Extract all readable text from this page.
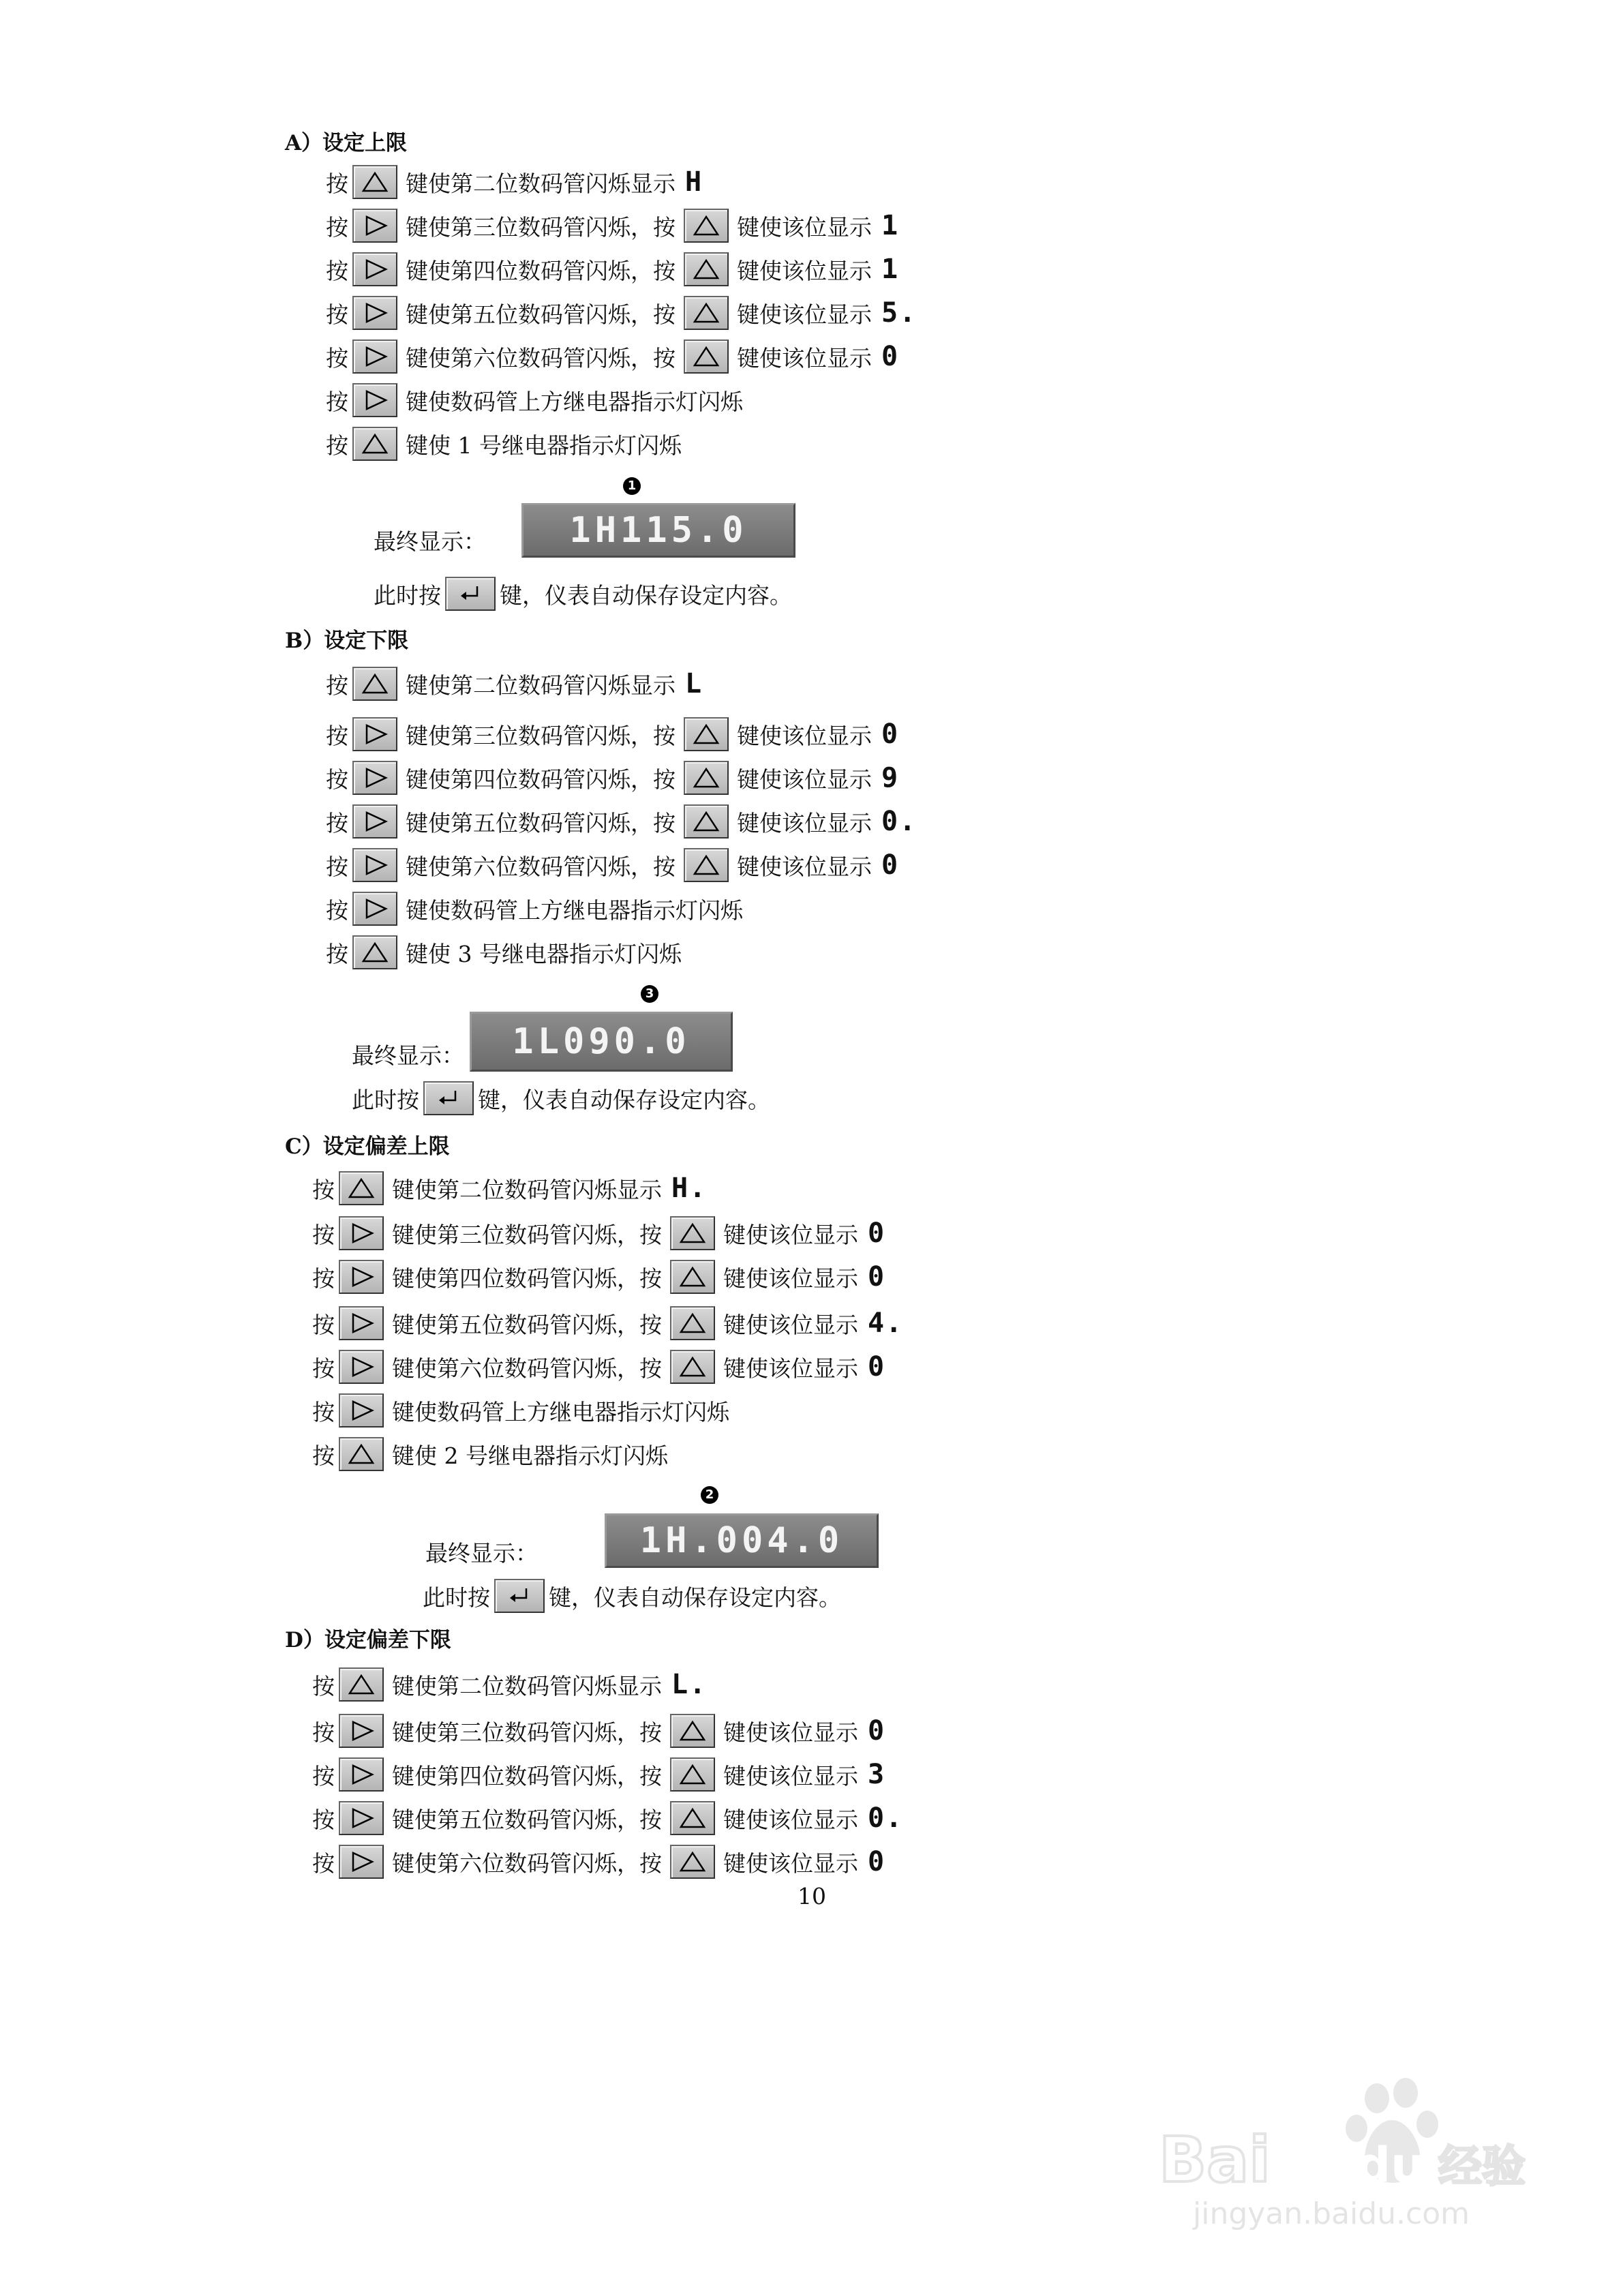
A）设定上限
按	键使第二位数码管闪烁显示 H
按	键使第三位数码管闪烁，按	键使该位显示 1
按	键使第四位数码管闪烁，按	键使该位显示 1
按	键使第五位数码管闪烁，按	键使该位显示 5.
按	键使第六位数码管闪烁，按	键使该位显示 0
按	键使数码管上方继电器指示灯闪烁
按	键使 1 号继电器指示灯闪烁
1
最终显示： 1H115.0
此时按	键，仪表自动保存设定内容。
B）设定下限
按	键使第二位数码管闪烁显示 L
按	键使第三位数码管闪烁，按	键使该位显示 0
按	键使第四位数码管闪烁，按	键使该位显示 9
按	键使第五位数码管闪烁，按	键使该位显示 0.
按	键使第六位数码管闪烁，按	键使该位显示 0
按	键使数码管上方继电器指示灯闪烁
按	键使 3 号继电器指示灯闪烁
3
最终显示： 1L090.0
此时按	键，仪表自动保存设定内容。
C）设定偏差上限
按	键使第二位数码管闪烁显示 H.
按	键使第三位数码管闪烁，按	键使该位显示 0
按	键使第四位数码管闪烁，按	键使该位显示 0
按	键使第五位数码管闪烁，按	键使该位显示 4.
按	键使第六位数码管闪烁，按	键使该位显示 0
按	键使数码管上方继电器指示灯闪烁
按	键使 2 号继电器指示灯闪烁
2
最终显示：	1H.004.0
此时按	键，仪表自动保存设定内容。
D）设定偏差下限
按	键使第二位数码管闪烁显示 L.
按	键使第三位数码管闪烁，按	键使该位显示 0
按	键使第四位数码管闪烁，按	键使该位显示 3
按	键使第五位数码管闪烁，按	键使该位显示 0.
按	键使第六位数码管闪烁，按	键使该位显示 0
10
Bai du 经验
jingyan.baidu.com
